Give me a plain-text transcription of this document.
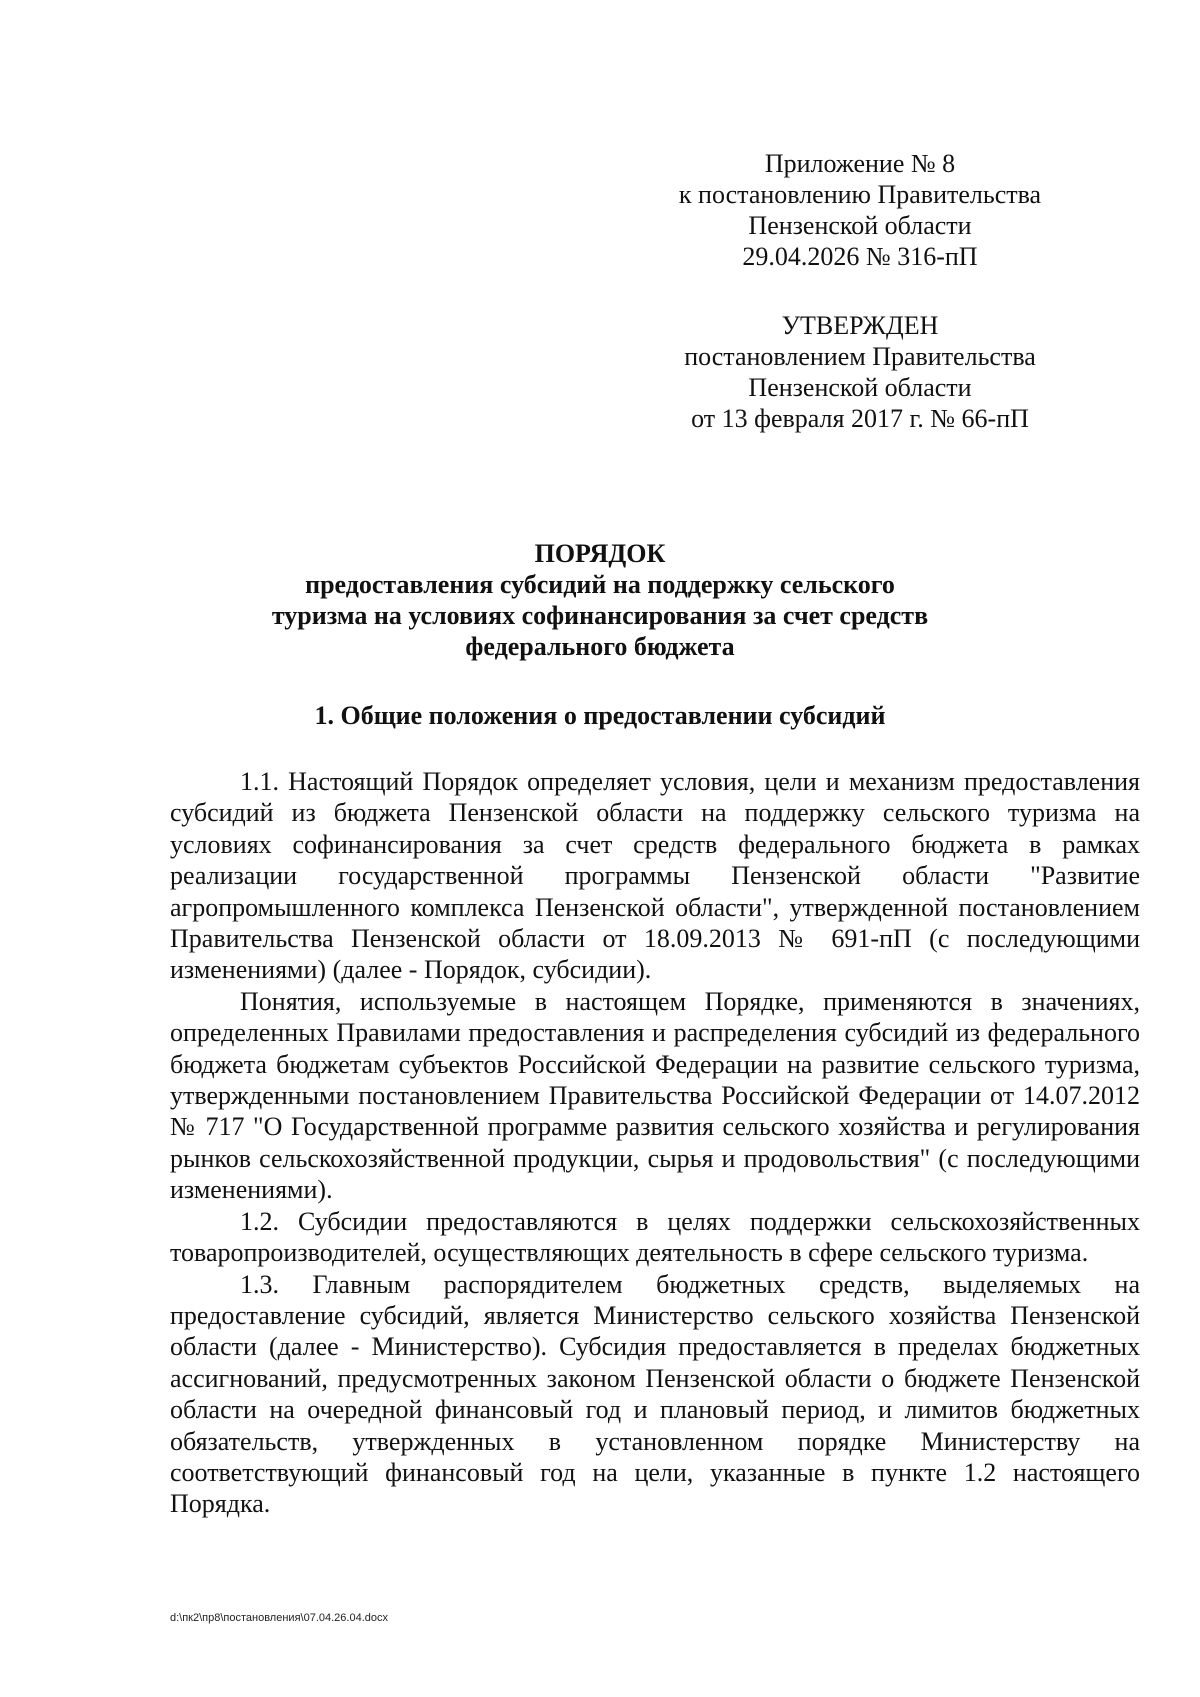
Приложение № 8
к постановлению Правительства
Пензенской области
29.04.2026 № 316-пП
УТВЕРЖДЕН
постановлением Правительства
Пензенской области
от 13 февраля 2017 г. № 66-пП
ПОРЯДОК
предоставления субсидий на поддержку сельского
туризма на условиях софинансирования за счет средств
федерального бюджета
1. Общие положения о предоставлении субсидий

1.1. Настоящий Порядок определяет условия, цели и механизм предоставления субсидий из бюджета Пензенской области на поддержку сельского туризма на условиях софинансирования за счет средств федерального бюджета в рамках реализации государственной программы Пензенской области "Развитие агропромышленного комплекса Пензенской области", утвержденной постановлением Правительства Пензенской области от 18.09.2013 № 691-пП (с последующими изменениями) (далее - Порядок, субсидии).

Понятия, используемые в настоящем Порядке, применяются в значениях, определенных Правилами предоставления и распределения субсидий из федерального бюджета бюджетам субъектов Российской Федерации на развитие сельского туризма, утвержденными постановлением Правительства Российской Федерации от 14.07.2012 № 717 "О Государственной программе развития сельского хозяйства и регулирования рынков сельскохозяйственной продукции, сырья и продовольствия" (с последующими изменениями).

1.2. Субсидии предоставляются в целях поддержки сельскохозяйственных товаропроизводителей, осуществляющих деятельность в сфере сельского туризма.

1.3. Главным распорядителем бюджетных средств, выделяемых на предоставление субсидий, является Министерство сельского хозяйства Пензенской области (далее - Министерство). Субсидия предоставляется в пределах бюджетных ассигнований, предусмотренных законом Пензенской области о бюджете Пензенской области на очередной финансовый год и плановый период, и лимитов бюджетных обязательств, утвержденных в установленном порядке Министерству на соответствующий финансовый год на цели, указанные в пункте 1.2 настоящего Порядка.

d:\пк2\пр8\постановления\07.04.26.04.docx
